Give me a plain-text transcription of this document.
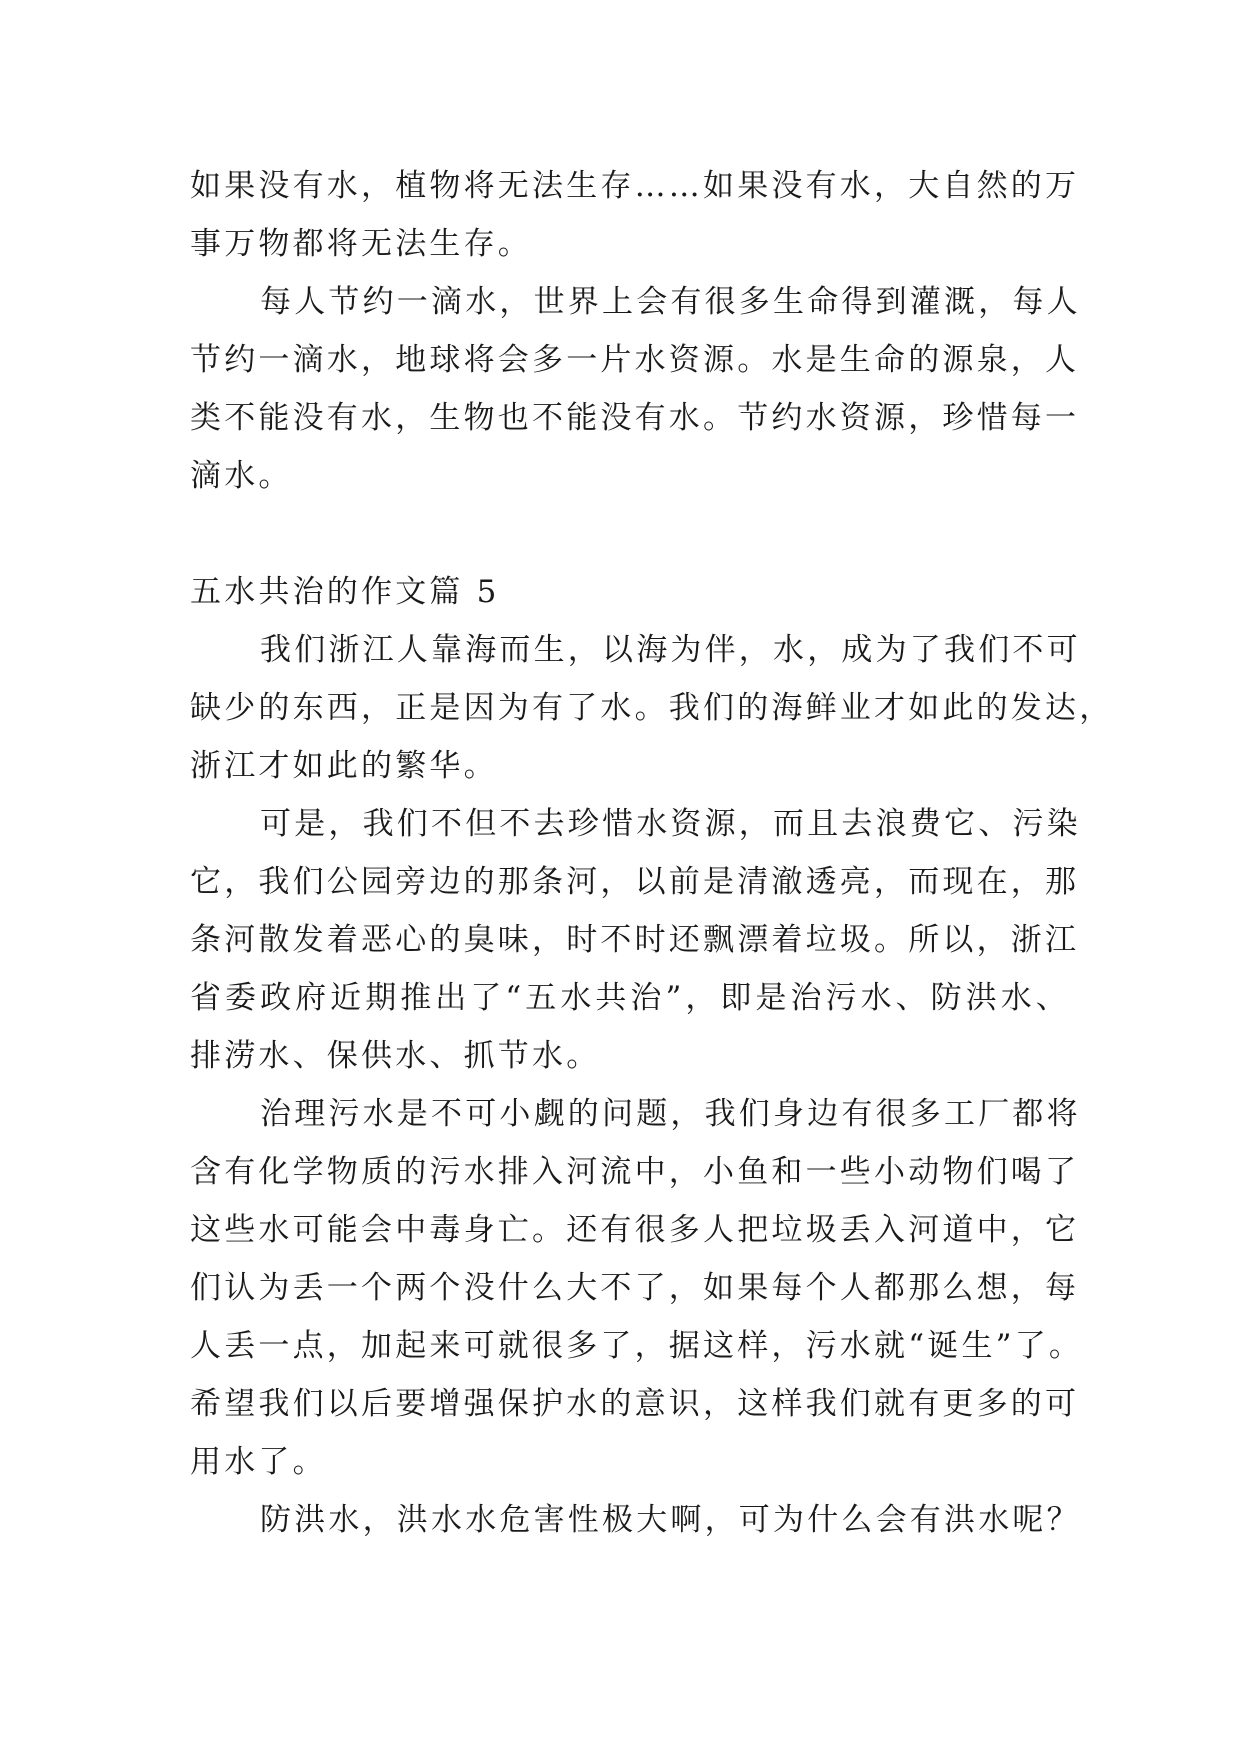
如果没有水，植物将无法生存……如果没有水，大自然的万
事万物都将无法生存。
每人节约一滴水，世界上会有很多生命得到灌溉，每人
节约一滴水，地球将会多一片水资源。水是生命的源泉，人
类不能没有水，生物也不能没有水。节约水资源，珍惜每一
滴水。
五水共治的作文篇 5
我们浙江人靠海而生，以海为伴，水，成为了我们不可
缺少的东西，正是因为有了水。我们的海鲜业才如此的发达，
浙江才如此的繁华。
可是，我们不但不去珍惜水资源，而且去浪费它、污染
它，我们公园旁边的那条河，以前是清澈透亮，而现在，那
条河散发着恶心的臭味，时不时还飘漂着垃圾。所以，浙江
省委政府近期推出了“五水共治”，即是治污水、防洪水、
排涝水、保供水、抓节水。
治理污水是不可小觑的问题，我们身边有很多工厂都将
含有化学物质的污水排入河流中，小鱼和一些小动物们喝了
这些水可能会中毒身亡。还有很多人把垃圾丢入河道中，它
们认为丢一个两个没什么大不了，如果每个人都那么想，每
人丢一点，加起来可就很多了，据这样，污水就“诞生”了。
希望我们以后要增强保护水的意识，这样我们就有更多的可
用水了。
防洪水，洪水水危害性极大啊，可为什么会有洪水呢？
